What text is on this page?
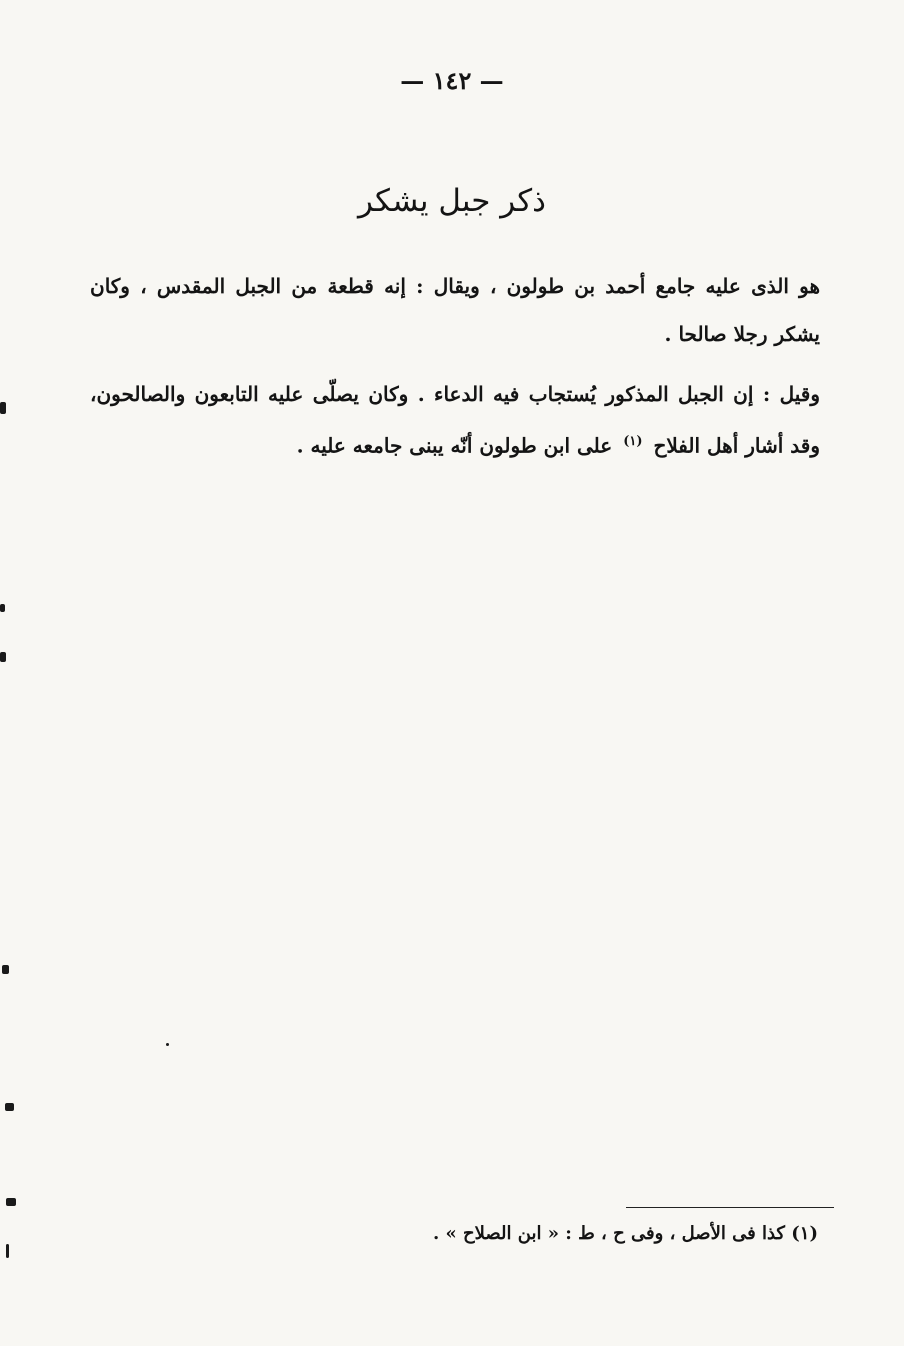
— ١٤٢ —
ذكر جبل يشكر

هو الذى عليه جامع أحمد بن طولون ، ويقال : إنه قطعة من الجبل المقدس ، وكان يشكر رجلا صالحا .

وقيل : إن الجبل المذكور يُستجاب فيه الدعاء . وكان يصلّى عليه التابعون والصالحون، وقد أشار أهل الفلاح $^{(١)}$ على ابن طولون أنّه يبنى جامعه عليه .

(١) كذا فى الأصل ، وفى ح ، ط : « ابن الصلاح » .
